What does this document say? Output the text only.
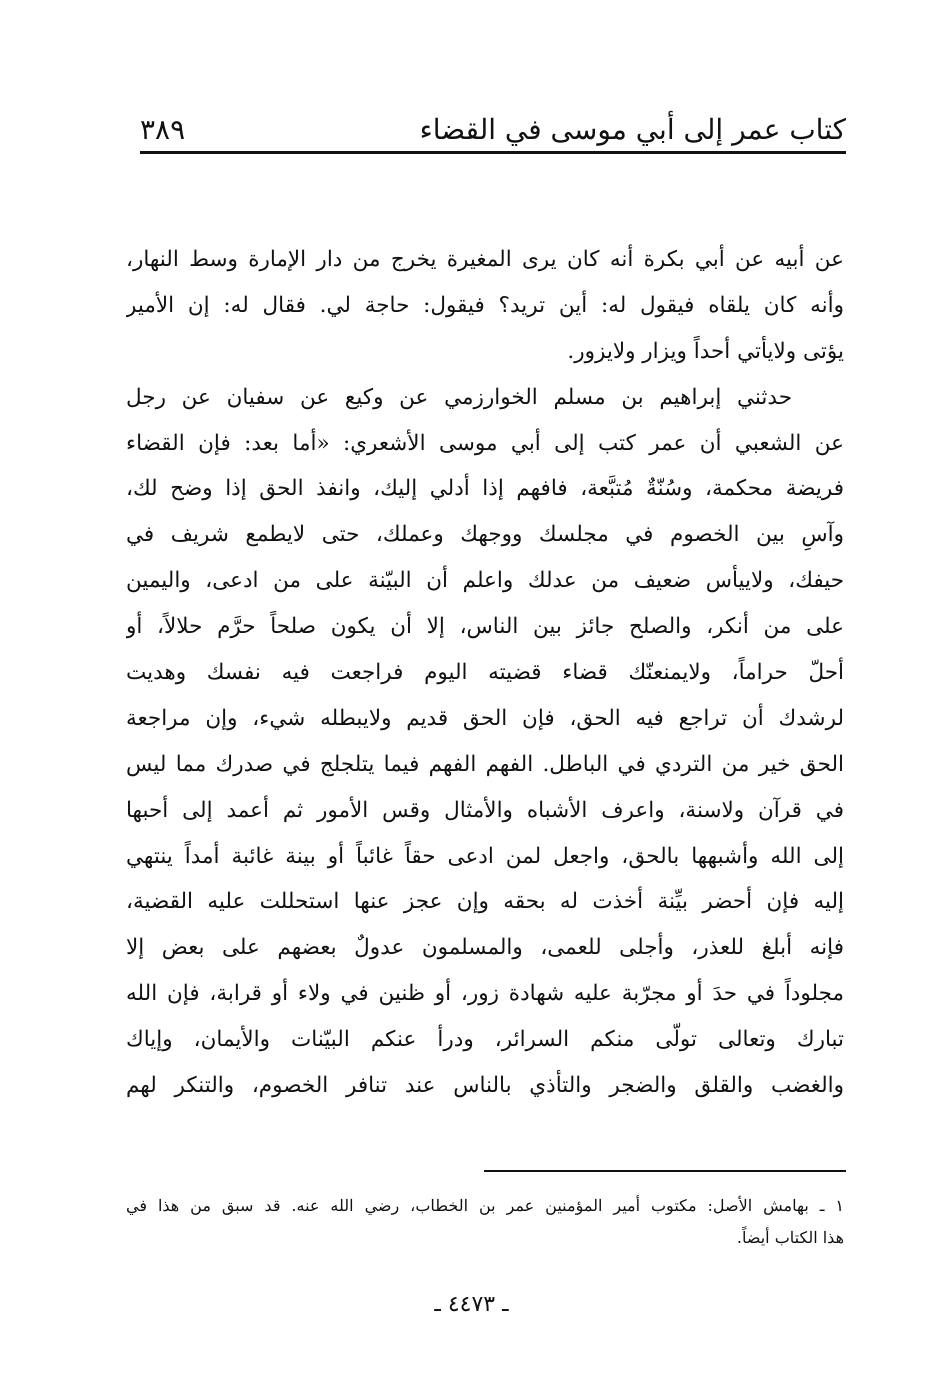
كتاب عمر إلى أبي موسى في القضاء
٣٨٩
عن أبيه عن أبي بكرة أنه كان يرى المغيرة يخرج من دار الإمارة وسط النهار،
وأنه كان يلقاه فيقول له: أين تريد؟ فيقول: حاجة لي. فقال له: إن الأمير
يؤتى ولايأتي أحداً ويزار ولايزور.
حدثني إبراهيم بن مسلم الخوارزمي عن وكيع عن سفيان عن رجل
عن الشعبي أن عمر كتب إلى أبي موسى الأشعري: «أما بعد: فإن القضاء
فريضة محكمة، وسُنّةٌ مُتبَّعة، فافهم إذا أدلي إليك، وانفذ الحق إذا وضح لك،
وآسِ بين الخصوم في مجلسك ووجهك وعملك، حتى لايطمع شريف في
حيفك، ولاييأس ضعيف من عدلك واعلم أن البيّنة على من ادعى، واليمين
على من أنكر، والصلح جائز بين الناس، إلا أن يكون صلحاً حرَّم حلالاً، أو
أحلّ حراماً، ولايمنعنّك قضاء قضيته اليوم فراجعت فيه نفسك وهديت
لرشدك أن تراجع فيه الحق، فإن الحق قديم ولايبطله شيء، وإن مراجعة
الحق خير من التردي في الباطل. الفهم الفهم فيما يتلجلج في صدرك مما ليس
في قرآن ولاسنة، واعرف الأشباه والأمثال وقس الأمور ثم أعمد إلى أحبها
إلى الله وأشبهها بالحق، واجعل لمن ادعى حقاً غائباً أو بينة غائبة أمداً ينتهي
إليه فإن أحضر بيِّنة أخذت له بحقه وإن عجز عنها استحللت عليه القضية،
فإنه أبلغ للعذر، وأجلى للعمى، والمسلمون عدولٌ بعضهم على بعض إلا
مجلوداً في حدَ أو مجرّبة عليه شهادة زور، أو ظنين في ولاء أو قرابة، فإن الله
تبارك وتعالى تولّى منكم السرائر، ودرأ عنكم البيّنات والأيمان، وإياك
والغضب والقلق والضجر والتأذي بالناس عند تنافر الخصوم، والتنكر لهم
١ ـ بهامش الأصل: مكتوب أمير المؤمنين عمر بن الخطاب، رضي الله عنه. قد سبق من هذا في
هذا الكتاب أيضاً.
ـ ٤٤٧٣ ـ
